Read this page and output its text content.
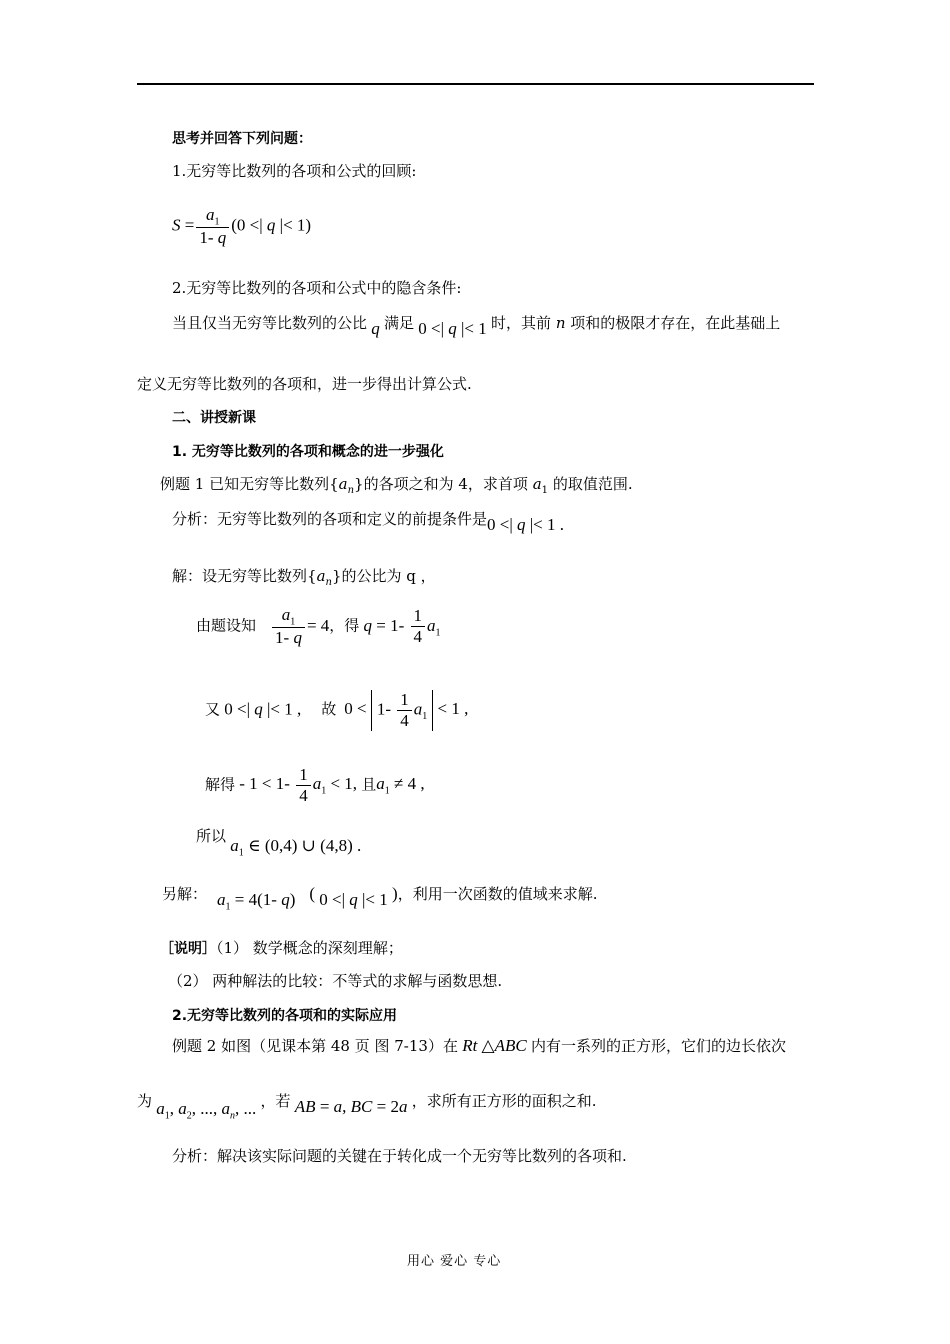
思考并回答下列问题：
1.无穷等比数列的各项和公式的回顾:
$S = \frac{a_1}{1- q} (0$ <| q |< 1)
2.无穷等比数列的各项和公式中的隐含条件:
当且仅当无穷等比数列的公比 q 满足 0 <| q |< 1 时，其前 n 项和的极限才存在，在此基础上
定义无穷等比数列的各项和，进一步得出计算公式.
二、讲授新课
1. 无穷等比数列的各项和概念的进一步强化
例题 1 已知无穷等比数列$\{a_n\}$的各项之和为 4，求首项 $a_1$ 的取值范围.
分析：无穷等比数列的各项和定义的前提条件是0 <| q |< 1 .
解：设无穷等比数列$\{a_n\}$的公比为 q ，
由题设知 $\frac{a_1}{1- q} = 4$，得 $q = 1- \frac{1}{4} a_1$
又 0 <| q |< 1 , 故 $0 < 1- \frac{1}{4} a_1 < 1$ ,
解得 - $1 < 1- \frac{1}{4} a_1 < 1$, 且$a_1 \ne 4$ ,
所以 $a_1$ ∈ (0,4) ∪ (4,8) .
另解： $a_1 = 4(1-$ q) ( 0 <| q |< 1 )，利用一次函数的值域来求解.
［说明］（1） 数学概念的深刻理解；
（2） 两种解法的比较：不等式的求解与函数思想.
2.无穷等比数列的各项和的实际应用
例题 2 如图（见课本第 48 页 图 7-13）在 Rt △ABC 内有一系列的正方形，它们的边长依次
为 $a_1$, $a_2$, ..., $a_n$, ... ，若 AB = a, BC = 2a ，求所有正方形的面积之和.
分析：解决该实际问题的关键在于转化成一个无穷等比数列的各项和.
用心 爱心 专心
